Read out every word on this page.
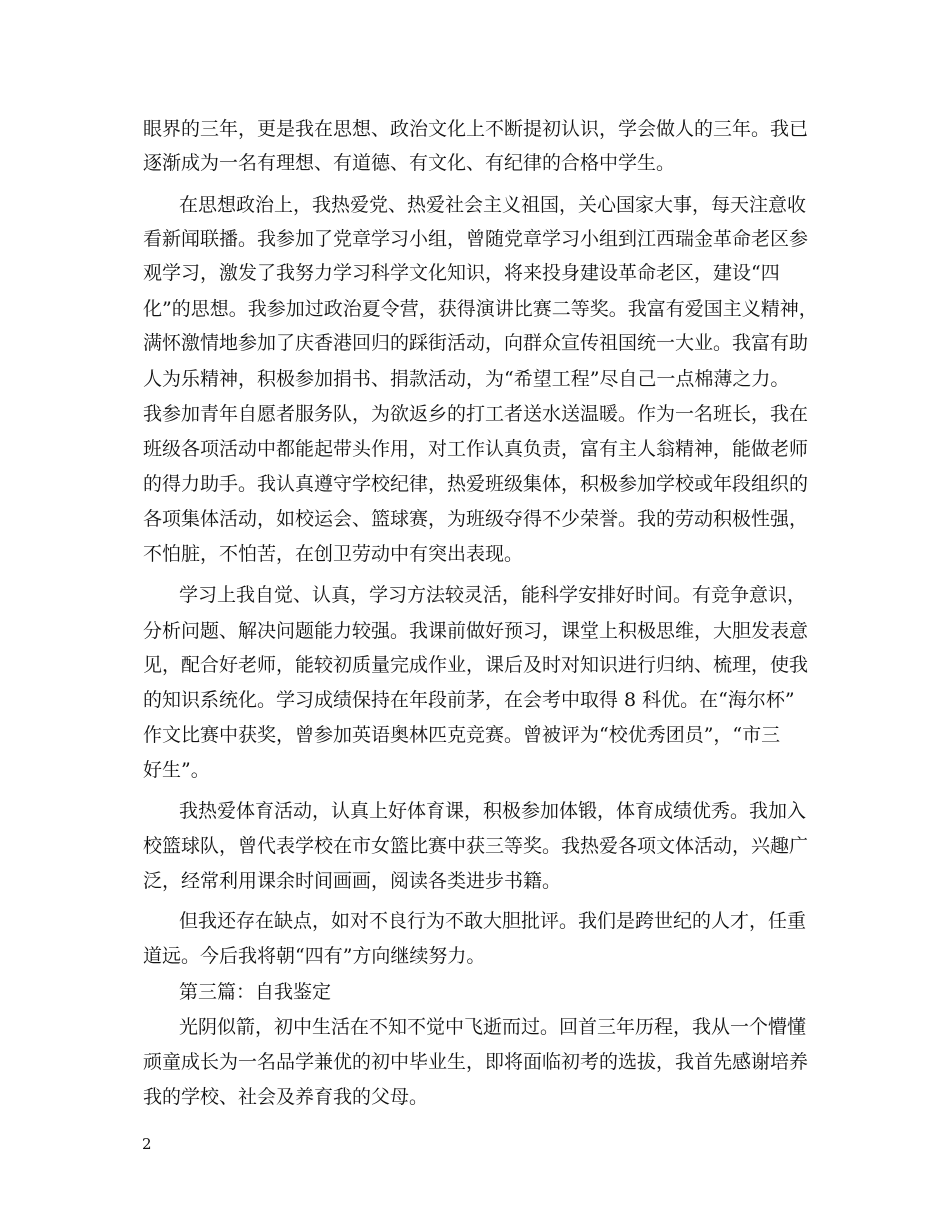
眼界的三年，更是我在思想、政治文化上不断提初认识，学会做人的三年。我已
逐渐成为一名有理想、有道德、有文化、有纪律的合格中学生。
在思想政治上，我热爱党、热爱社会主义祖国，关心国家大事，每天注意收
看新闻联播。我参加了党章学习小组，曾随党章学习小组到江西瑞金革命老区参
观学习，激发了我努力学习科学文化知识，将来投身建设革命老区，建设“四
化”的思想。我参加过政治夏令营，获得演讲比赛二等奖。我富有爱国主义精神，
满怀激情地参加了庆香港回归的踩街活动，向群众宣传祖国统一大业。我富有助
人为乐精神，积极参加捐书、捐款活动，为“希望工程”尽自己一点棉薄之力。
我参加青年自愿者服务队，为欲返乡的打工者送水送温暖。作为一名班长，我在
班级各项活动中都能起带头作用，对工作认真负责，富有主人翁精神，能做老师
的得力助手。我认真遵守学校纪律，热爱班级集体，积极参加学校或年段组织的
各项集体活动，如校运会、篮球赛，为班级夺得不少荣誉。我的劳动积极性强，
不怕脏，不怕苦，在创卫劳动中有突出表现。
学习上我自觉、认真，学习方法较灵活，能科学安排好时间。有竞争意识，
分析问题、解决问题能力较强。我课前做好预习，课堂上积极思维，大胆发表意
见，配合好老师，能较初质量完成作业，课后及时对知识进行归纳、梳理，使我
的知识系统化。学习成绩保持在年段前茅，在会考中取得 8 科优。在“海尔杯”
作文比赛中获奖，曾参加英语奥林匹克竞赛。曾被评为“校优秀团员”，“市三
好生”。
我热爱体育活动，认真上好体育课，积极参加体锻，体育成绩优秀。我加入
校篮球队，曾代表学校在市女篮比赛中获三等奖。我热爱各项文体活动，兴趣广
泛，经常利用课余时间画画，阅读各类进步书籍。
但我还存在缺点，如对不良行为不敢大胆批评。我们是跨世纪的人才，任重
道远。今后我将朝“四有”方向继续努力。
第三篇：自我鉴定
光阴似箭，初中生活在不知不觉中飞逝而过。回首三年历程，我从一个懵懂
顽童成长为一名品学兼优的初中毕业生，即将面临初考的选拔，我首先感谢培养
我的学校、社会及养育我的父母。
2
